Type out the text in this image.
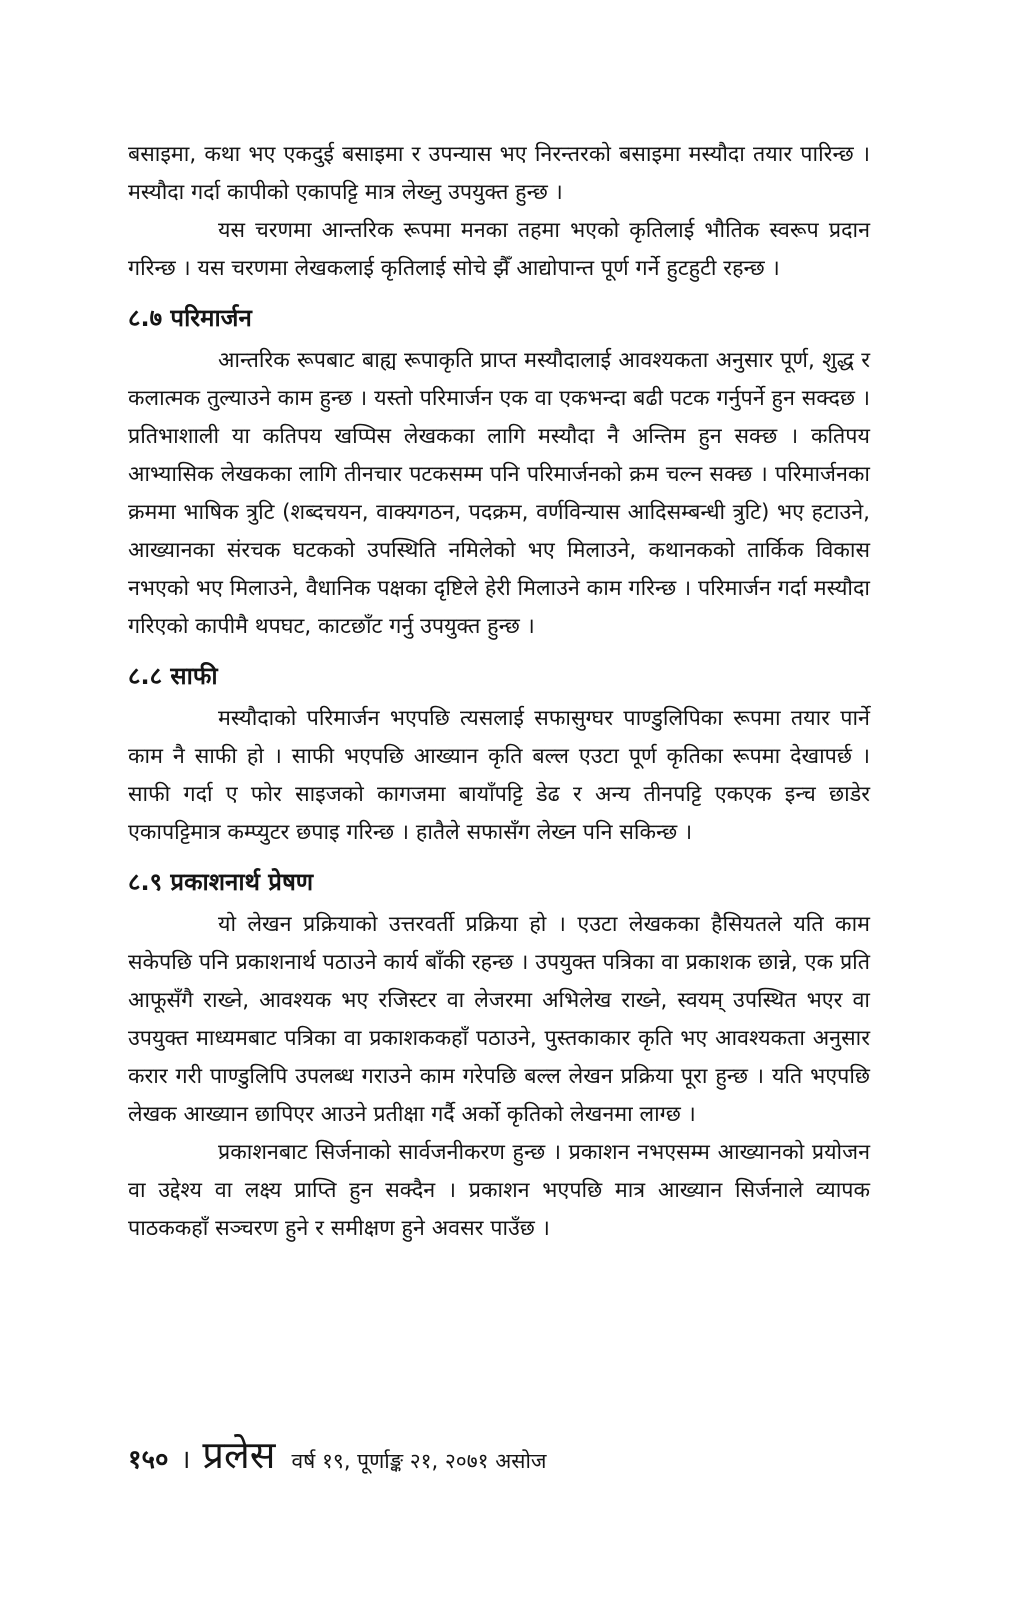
बसाइमा, कथा भए एकदुई बसाइमा र उपन्यास भए निरन्तरको बसाइमा मस्यौदा तयार पारिन्छ । मस्यौदा गर्दा कापीको एकापट्टि मात्र लेख्नु उपयुक्त हुन्छ ।

यस चरणमा आन्तरिक रूपमा मनका तहमा भएको कृतिलाई भौतिक स्वरूप प्रदान गरिन्छ । यस चरणमा लेखकलाई कृतिलाई सोचे झैँ आद्योपान्त पूर्ण गर्ने हुटहुटी रहन्छ ।

८.७ परिमार्जन

आन्तरिक रूपबाट बाह्य रूपाकृति प्राप्त मस्यौदालाई आवश्यकता अनुसार पूर्ण, शुद्ध र कलात्मक तुल्याउने काम हुन्छ । यस्तो परिमार्जन एक वा एकभन्दा बढी पटक गर्नुपर्ने हुन सक्दछ । प्रतिभाशाली या कतिपय खप्पिस लेखकका लागि मस्यौदा नै अन्तिम हुन सक्छ । कतिपय आभ्यासिक लेखकका लागि तीनचार पटकसम्म पनि परिमार्जनको क्रम चल्न सक्छ । परिमार्जनका क्रममा भाषिक त्रुटि (शब्दचयन, वाक्यगठन, पदक्रम, वर्णविन्यास आदिसम्बन्धी त्रुटि) भए हटाउने, आख्यानका संरचक घटकको उपस्थिति नमिलेको भए मिलाउने, कथानकको तार्किक विकास नभएको भए मिलाउने, वैधानिक पक्षका दृष्टिले हेरी मिलाउने काम गरिन्छ । परिमार्जन गर्दा मस्यौदा गरिएको कापीमै थपघट, काटछाँट गर्नु उपयुक्त हुन्छ ।

८.८ साफी

मस्यौदाको परिमार्जन भएपछि त्यसलाई सफासुग्घर पाण्डुलिपिका रूपमा तयार पार्ने काम नै साफी हो । साफी भएपछि आख्यान कृति बल्ल एउटा पूर्ण कृतिका रूपमा देखापर्छ । साफी गर्दा ए फोर साइजको कागजमा बायाँपट्टि डेढ र अन्य तीनपट्टि एकएक इन्च छाडेर एकापट्टिमात्र कम्प्युटर छपाइ गरिन्छ । हातैले सफासँग लेख्न पनि सकिन्छ ।

८.९ प्रकाशनार्थ प्रेषण

यो लेखन प्रक्रियाको उत्तरवर्ती प्रक्रिया हो । एउटा लेखकका हैसियतले यति काम सकेपछि पनि प्रकाशनार्थ पठाउने कार्य बाँकी रहन्छ । उपयुक्त पत्रिका वा प्रकाशक छान्ने, एक प्रति आफूसँगै राख्ने, आवश्यक भए रजिस्टर वा लेजरमा अभिलेख राख्ने, स्वयम् उपस्थित भएर वा उपयुक्त माध्यमबाट पत्रिका वा प्रकाशककहाँ पठाउने, पुस्तकाकार कृति भए आवश्यकता अनुसार करार गरी पाण्डुलिपि उपलब्ध गराउने काम गरेपछि बल्ल लेखन प्रक्रिया पूरा हुन्छ । यति भएपछि लेखक आख्यान छापिएर आउने प्रतीक्षा गर्दै अर्को कृतिको लेखनमा लाग्छ ।

प्रकाशनबाट सिर्जनाको सार्वजनीकरण हुन्छ । प्रकाशन नभएसम्म आख्यानको प्रयोजन वा उद्देश्य वा लक्ष्य प्राप्ति हुन सक्दैन । प्रकाशन भएपछि मात्र आख्यान सिर्जनाले व्यापक पाठककहाँ सञ्चरण हुने र समीक्षण हुने अवसर पाउँछ ।

१५० । प्रलेस वर्ष १९, पूर्णाङ्क २१, २०७१ असोज
